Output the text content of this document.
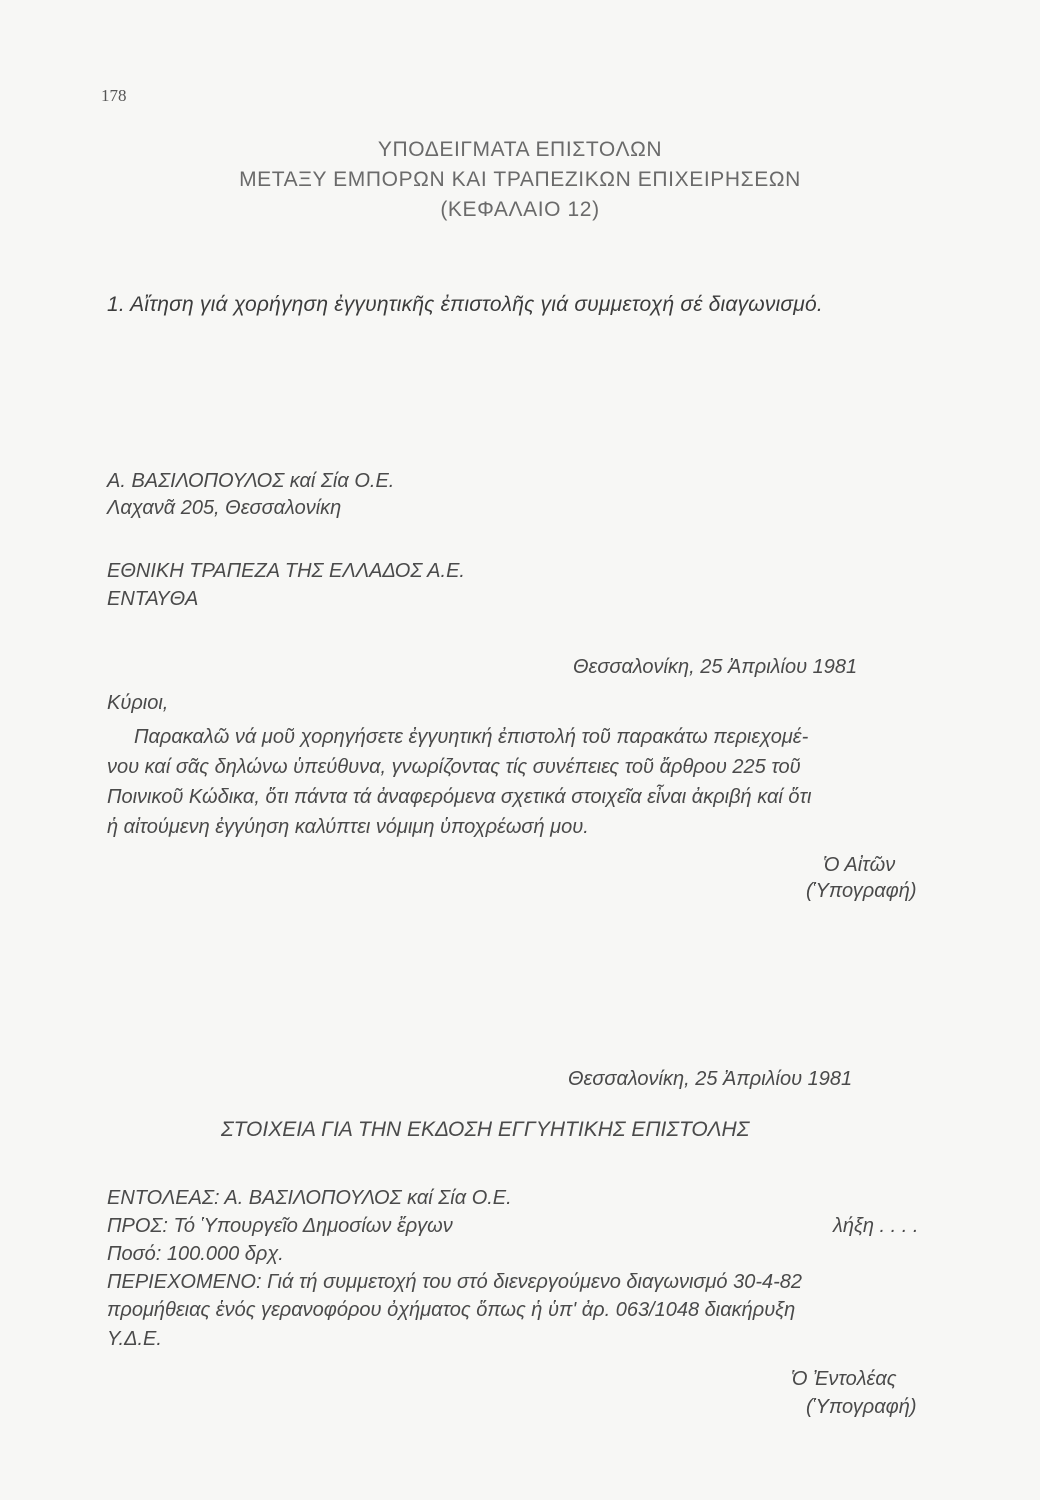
178
ΥΠΟΔΕΙΓΜΑΤΑ ΕΠΙΣΤΟΛΩΝ
ΜΕΤΑΞΥ ΕΜΠΟΡΩΝ ΚΑΙ ΤΡΑΠΕΖΙΚΩΝ ΕΠΙΧΕΙΡΗΣΕΩΝ
(ΚΕΦΑΛΑΙΟ 12)
1. Αἴτηση γιά χορήγηση ἐγγυητικῆς ἐπιστολῆς γιά συμμετοχή σέ διαγωνισμό.
Α. ΒΑΣΙΛΟΠΟΥΛΟΣ καί Σία Ο.Ε.
Λαχανᾶ 205, Θεσσαλονίκη
ΕΘΝΙΚΗ ΤΡΑΠΕΖΑ ΤΗΣ ΕΛΛΑΔΟΣ Α.Ε.
ΕΝΤΑΥΘΑ
Θεσσαλονίκη, 25 Ἀπριλίου 1981
Κύριοι,
Παρακαλῶ νά μοῦ χορηγήσετε ἐγγυητική ἐπιστολή τοῦ παρακάτω περιεχομέ-
νου καί σᾶς δηλώνω ὑπεύθυνα, γνωρίζοντας τίς συνέπειες τοῦ ἄρθρου 225 τοῦ
Ποινικοῦ Κώδικα, ὅτι πάντα τά ἀναφερόμενα σχετικά στοιχεῖα εἶναι ἀκριβή καί ὅτι
ἡ αἰτούμενη ἐγγύηση καλύπτει νόμιμη ὑποχρέωσή μου.
Ὁ Αἰτῶν
(Ὑπογραφή)
Θεσσαλονίκη, 25 Ἀπριλίου 1981
ΣΤΟΙΧΕΙΑ ΓΙΑ ΤΗΝ ΕΚΔΟΣΗ ΕΓΓΥΗΤΙΚΗΣ ΕΠΙΣΤΟΛΗΣ
ΕΝΤΟΛΕΑΣ: Α. ΒΑΣΙΛΟΠΟΥΛΟΣ καί Σία Ο.Ε.
ΠΡΟΣ: Τό Ὑπουργεῖο Δημοσίων ἔργων	λήξη . . . .
Ποσό: 100.000 δρχ.
ΠΕΡΙΕΧΟΜΕΝΟ: Γιά τή συμμετοχή του στό διενεργούμενο διαγωνισμό 30-4-82
προμήθειας ἑνός γερανοφόρου ὀχήματος ὅπως ἡ ὑπ' ἀρ. 063/1048 διακήρυξη
Υ.Δ.Ε.
Ὁ Ἐντολέας
(Ὑπογραφή)
